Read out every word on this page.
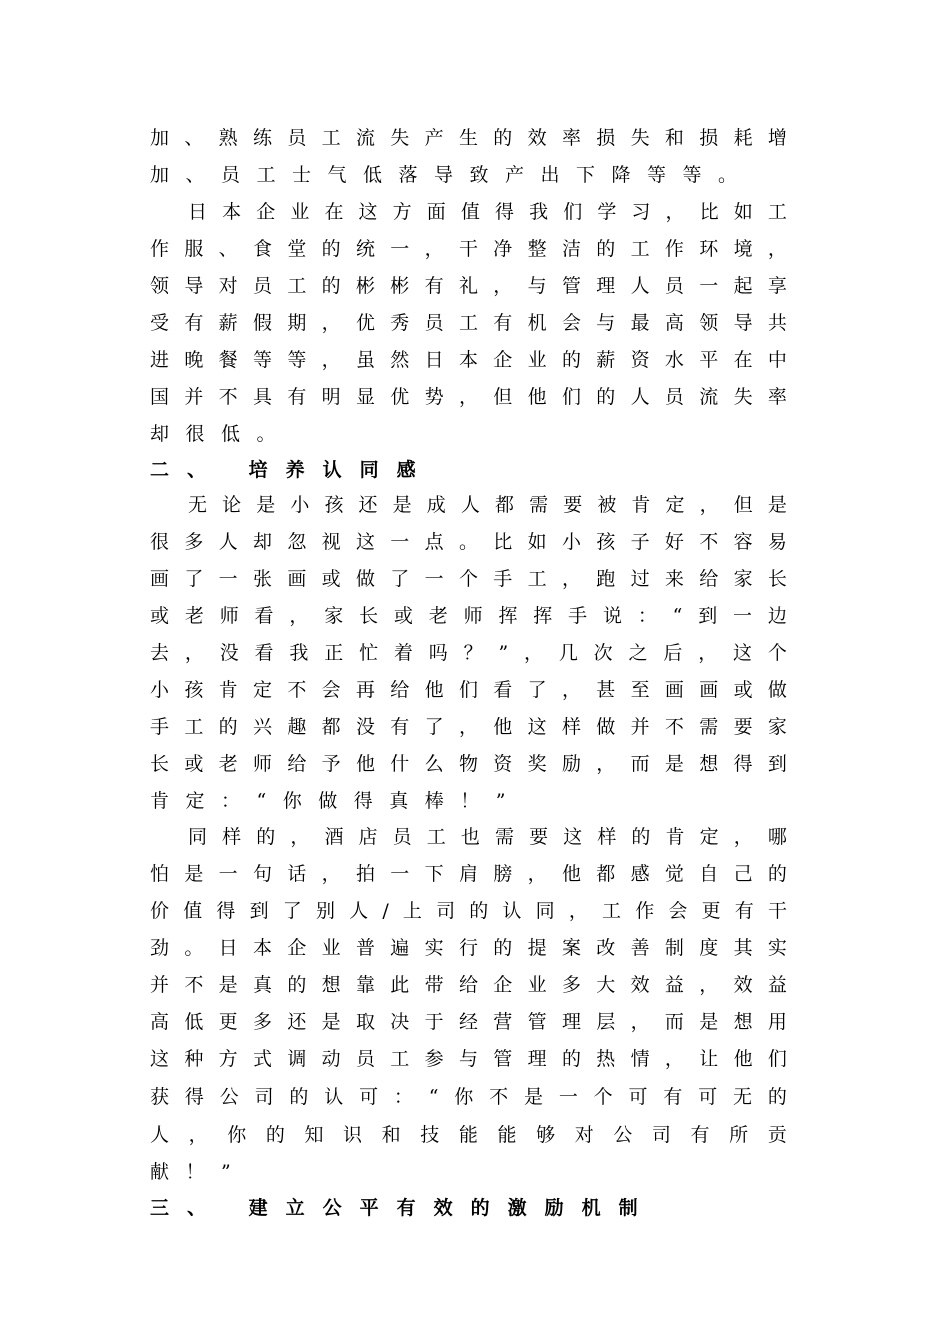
加 、 熟 练 员 工 流 失 产 生 的 效 率 损 失 和 损 耗 增
加、员工士气低落导致产出下降等等。
日 本 企 业 在 这 方 面 值 得 我 们 学 习 ， 比 如 工
作 服 、 食 堂 的 统 一 ， 干 净 整 洁 的 工 作 环 境 ，
领 导 对 员 工 的 彬 彬 有 礼 ， 与 管 理 人 员 一 起 享
受 有 薪 假 期 ， 优 秀 员 工 有 机 会 与 最 高 领 导 共
进 晚 餐 等 等 ， 虽 然 日 本 企 业 的 薪 资 水 平 在 中
国 并 不 具 有 明 显 优 势 ， 但 他 们 的 人 员 流 失 率
却很低。
二、 培养认同感
无 论 是 小 孩 还 是 成 人 都 需 要 被 肯 定 ， 但 是
很 多 人 却 忽 视 这 一 点 。 比 如 小 孩 子 好 不 容 易
画 了 一 张 画 或 做 了 一 个 手 工 ， 跑 过 来 给 家 长
或 老 师 看 ， 家 长 或 老 师 挥 挥 手 说 ： “ 到 一 边
去 ， 没 看 我 正 忙 着 吗 ？ ” ， 几 次 之 后 ， 这 个
小 孩 肯 定 不 会 再 给 他 们 看 了 ， 甚 至 画 画 或 做
手 工 的 兴 趣 都 没 有 了 ， 他 这 样 做 并 不 需 要 家
长 或 老 师 给 予 他 什 么 物 资 奖 励 ， 而 是 想 得 到
肯定：“你做得真棒！”
同 样 的 ， 酒 店 员 工 也 需 要 这 样 的 肯 定 ， 哪
怕 是 一 句 话 ， 拍 一 下 肩 膀 ， 他 都 感 觉 自 己 的
价 值 得 到 了 别 人 / 上 司 的 认 同 ， 工 作 会 更 有 干
劲 。 日 本 企 业 普 遍 实 行 的 提 案 改 善 制 度 其 实
并 不 是 真 的 想 靠 此 带 给 企 业 多 大 效 益 ， 效 益
高 低 更 多 还 是 取 决 于 经 营 管 理 层 ， 而 是 想 用
这 种 方 式 调 动 员 工 参 与 管 理 的 热 情 ， 让 他 们
获 得 公 司 的 认 可 ： “ 你 不 是 一 个 可 有 可 无 的
人 ， 你 的 知 识 和 技 能 能 够 对 公 司 有 所 贡
献！”
三、 建立公平有效的激励机制
